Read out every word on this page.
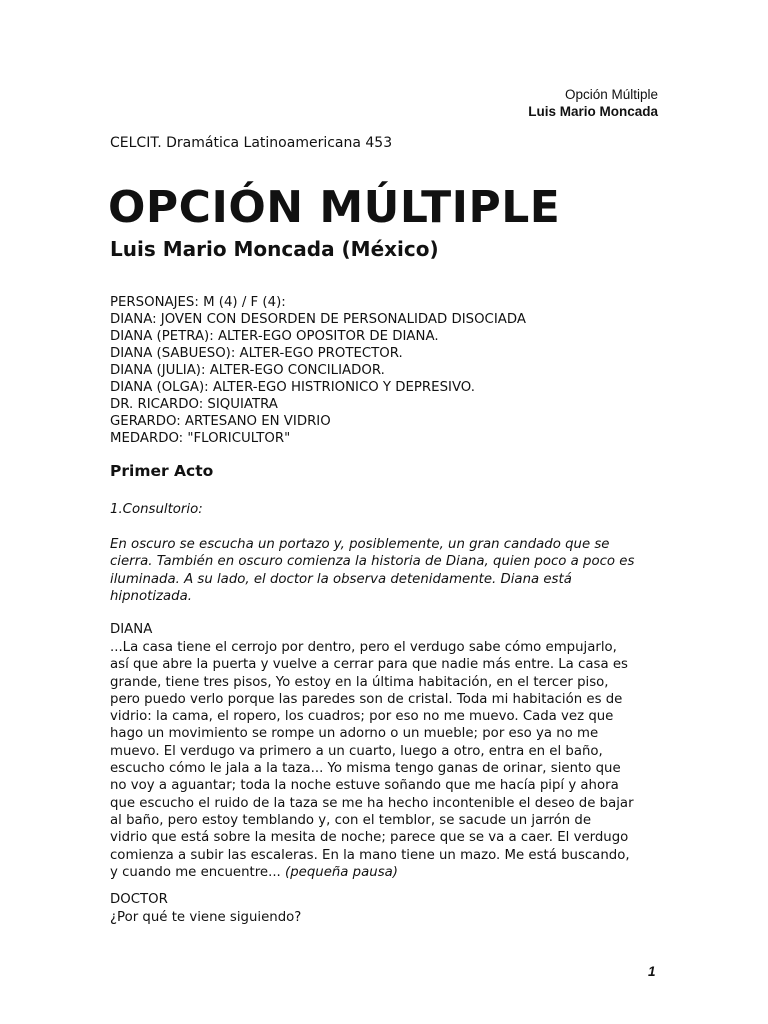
Opción Múltiple
Luis Mario Moncada
CELCIT. Dramática Latinoamericana 453
OPCIÓN MÚLTIPLE
Luis Mario Moncada (México)
PERSONAJES: M (4) / F (4):
DIANA: JOVEN CON DESORDEN DE PERSONALIDAD DISOCIADA
DIANA (PETRA): ALTER-EGO OPOSITOR DE DIANA.
DIANA (SABUESO): ALTER-EGO PROTECTOR.
DIANA (JULIA): ALTER-EGO CONCILIADOR.
DIANA (OLGA): ALTER-EGO HISTRIONICO Y DEPRESIVO.
DR. RICARDO: SIQUIATRA
GERARDO: ARTESANO EN VIDRIO
MEDARDO: "FLORICULTOR"
Primer Acto
1.Consultorio:

En oscuro se escucha un portazo y, posiblemente, un gran candado que se cierra. También en oscuro comienza la historia de Diana, quien poco a poco es iluminada. A su lado, el doctor la observa detenidamente. Diana está hipnotizada.

DIANA

...La casa tiene el cerrojo por dentro, pero el verdugo sabe cómo empujarlo,
así que abre la puerta y vuelve a cerrar para que nadie más entre. La casa es
grande, tiene tres pisos, Yo estoy en la última habitación, en el tercer piso,
pero puedo verlo porque las paredes son de cristal. Toda mi habitación es de
vidrio: la cama, el ropero, los cuadros; por eso no me muevo. Cada vez que
hago un movimiento se rompe un adorno o un mueble; por eso ya no me
muevo. El verdugo va primero a un cuarto, luego a otro, entra en el baño,
escucho cómo le jala a la taza... Yo misma tengo ganas de orinar, siento que
no voy a aguantar; toda la noche estuve soñando que me hacía pipí y ahora
que escucho el ruido de la taza se me ha hecho incontenible el deseo de bajar
al baño, pero estoy temblando y, con el temblor, se sacude un jarrón de
vidrio que está sobre la mesita de noche; parece que se va a caer. El verdugo
comienza a subir las escaleras. En la mano tiene un mazo. Me está buscando,
y cuando me encuentre... (pequeña pausa)

DOCTOR

¿Por qué te viene siguiendo?

1
